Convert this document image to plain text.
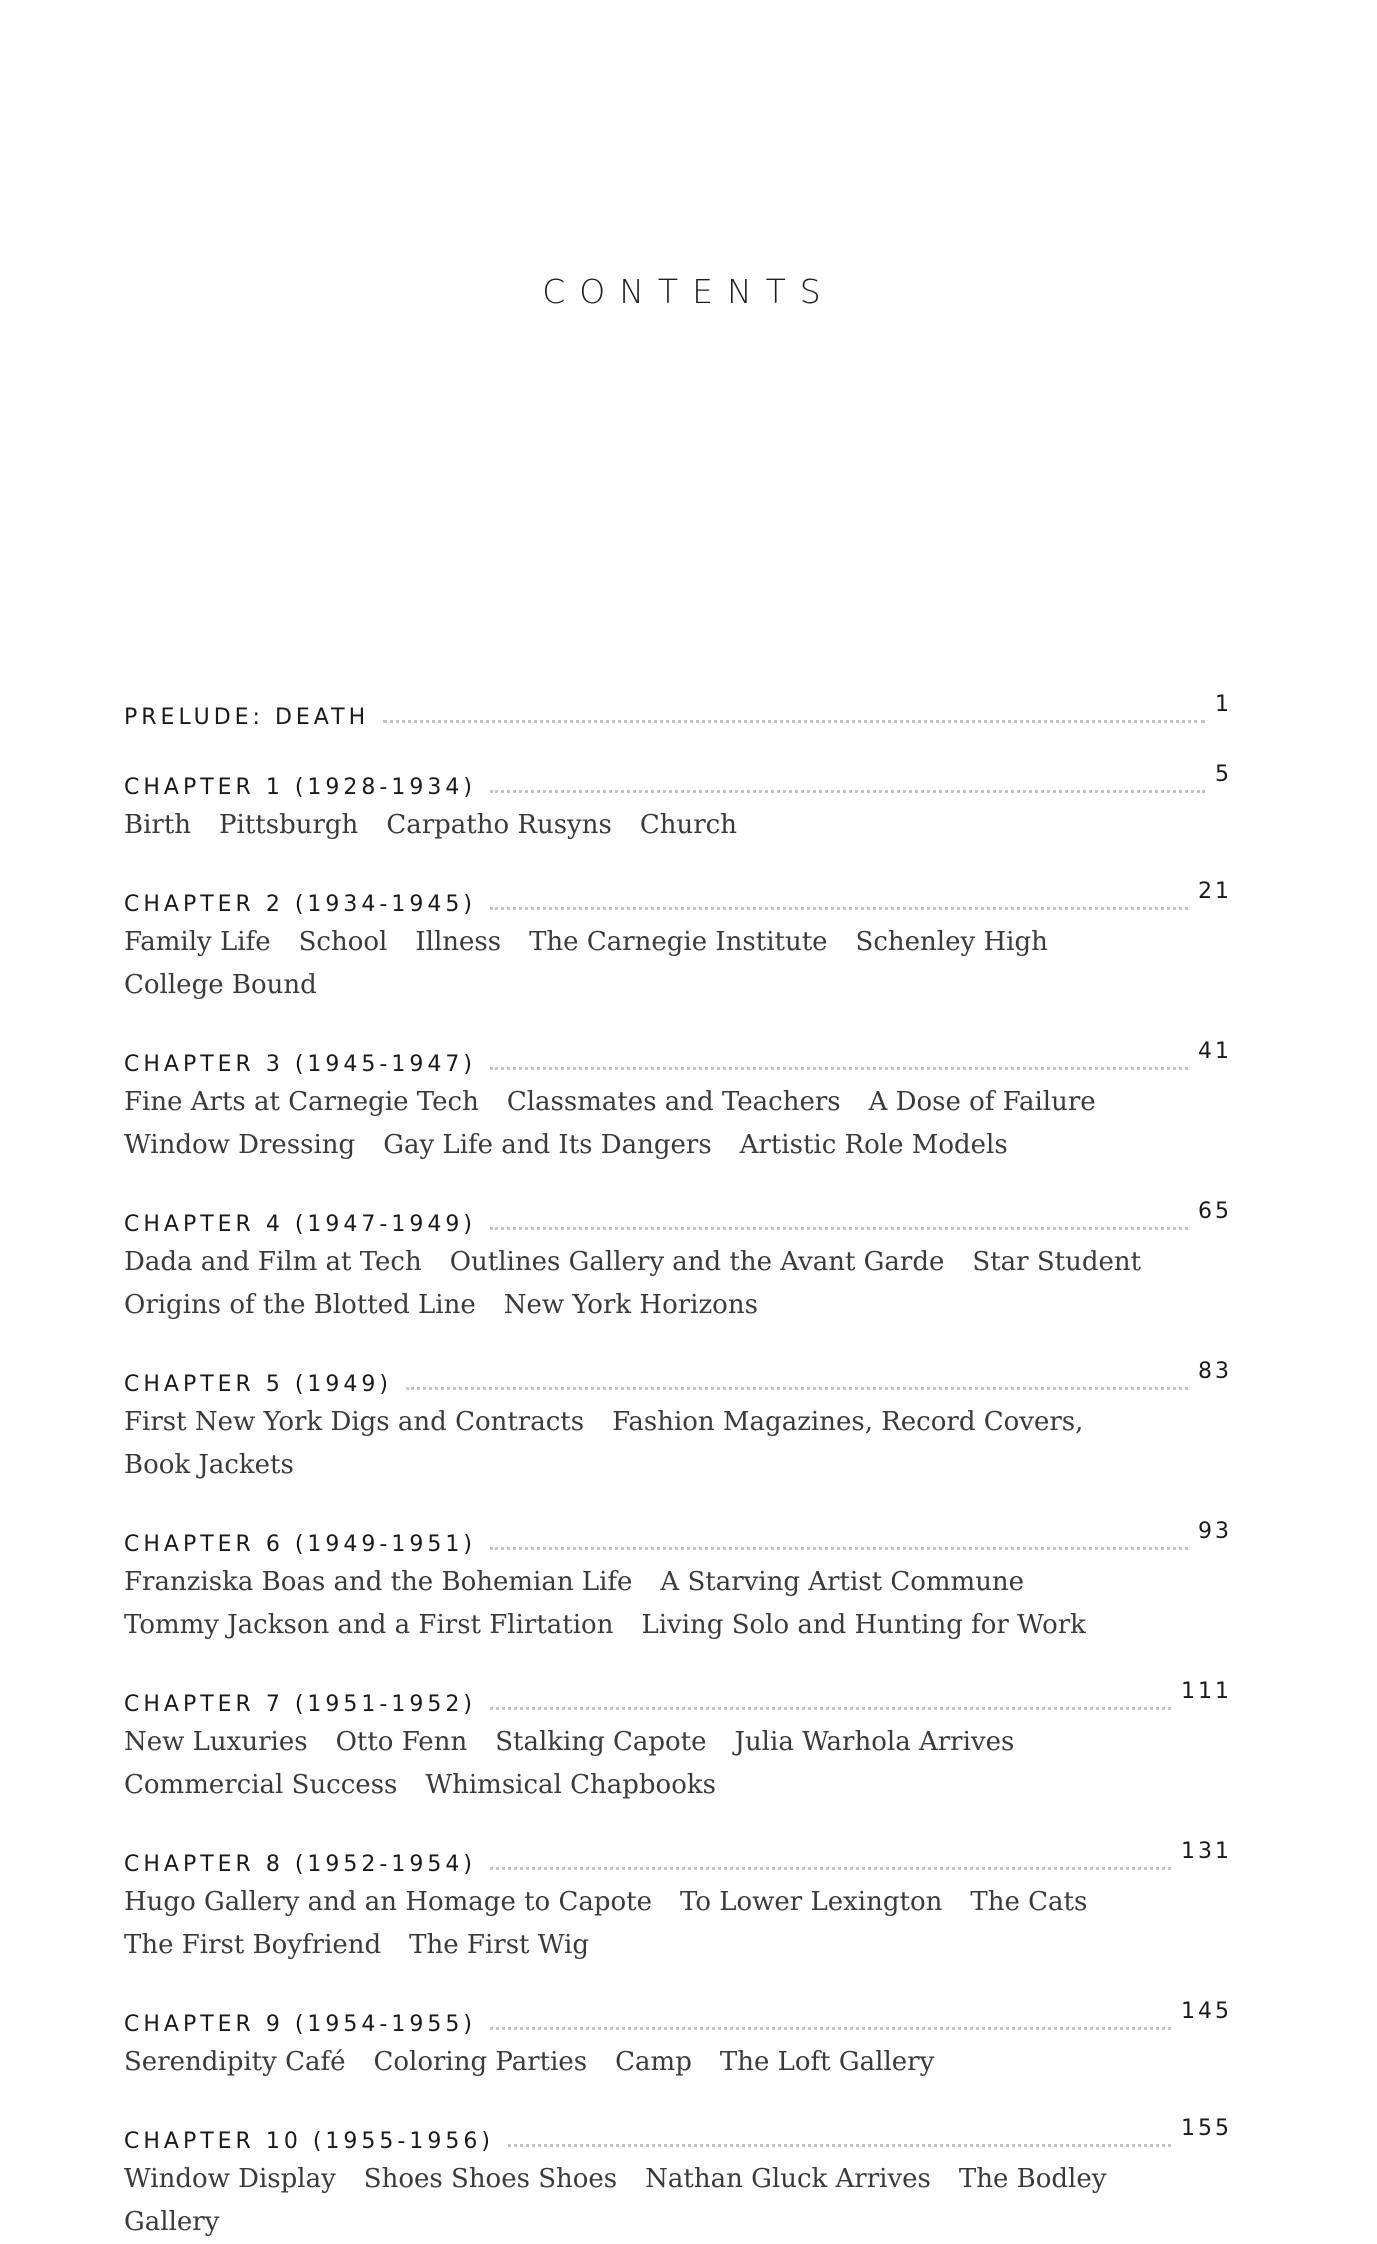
CONTENTS
PRELUDE: DEATH
1
CHAPTER 1 (1928-1934)
5
Birth Pittsburgh Carpatho Rusyns Church
CHAPTER 2 (1934-1945)
21
Family Life School Illness The Carnegie Institute Schenley High
College Bound
CHAPTER 3 (1945-1947)
41
Fine Arts at Carnegie Tech Classmates and Teachers A Dose of Failure
Window Dressing Gay Life and Its Dangers Artistic Role Models
CHAPTER 4 (1947-1949)
65
Dada and Film at Tech Outlines Gallery and the Avant Garde Star Student
Origins of the Blotted Line New York Horizons
CHAPTER 5 (1949)
83
First New York Digs and Contracts Fashion Magazines, Record Covers,
Book Jackets
CHAPTER 6 (1949-1951)
93
Franziska Boas and the Bohemian Life A Starving Artist Commune
Tommy Jackson and a First Flirtation Living Solo and Hunting for Work
CHAPTER 7 (1951-1952)
111
New Luxuries Otto Fenn Stalking Capote Julia Warhola Arrives
Commercial Success Whimsical Chapbooks
CHAPTER 8 (1952-1954)
131
Hugo Gallery and an Homage to Capote To Lower Lexington The Cats
The First Boyfriend The First Wig
CHAPTER 9 (1954-1955)
145
Serendipity Café Coloring Parties Camp The Loft Gallery
CHAPTER 10 (1955-1956)
155
Window Display Shoes Shoes Shoes Nathan Gluck Arrives The Bodley
Gallery
